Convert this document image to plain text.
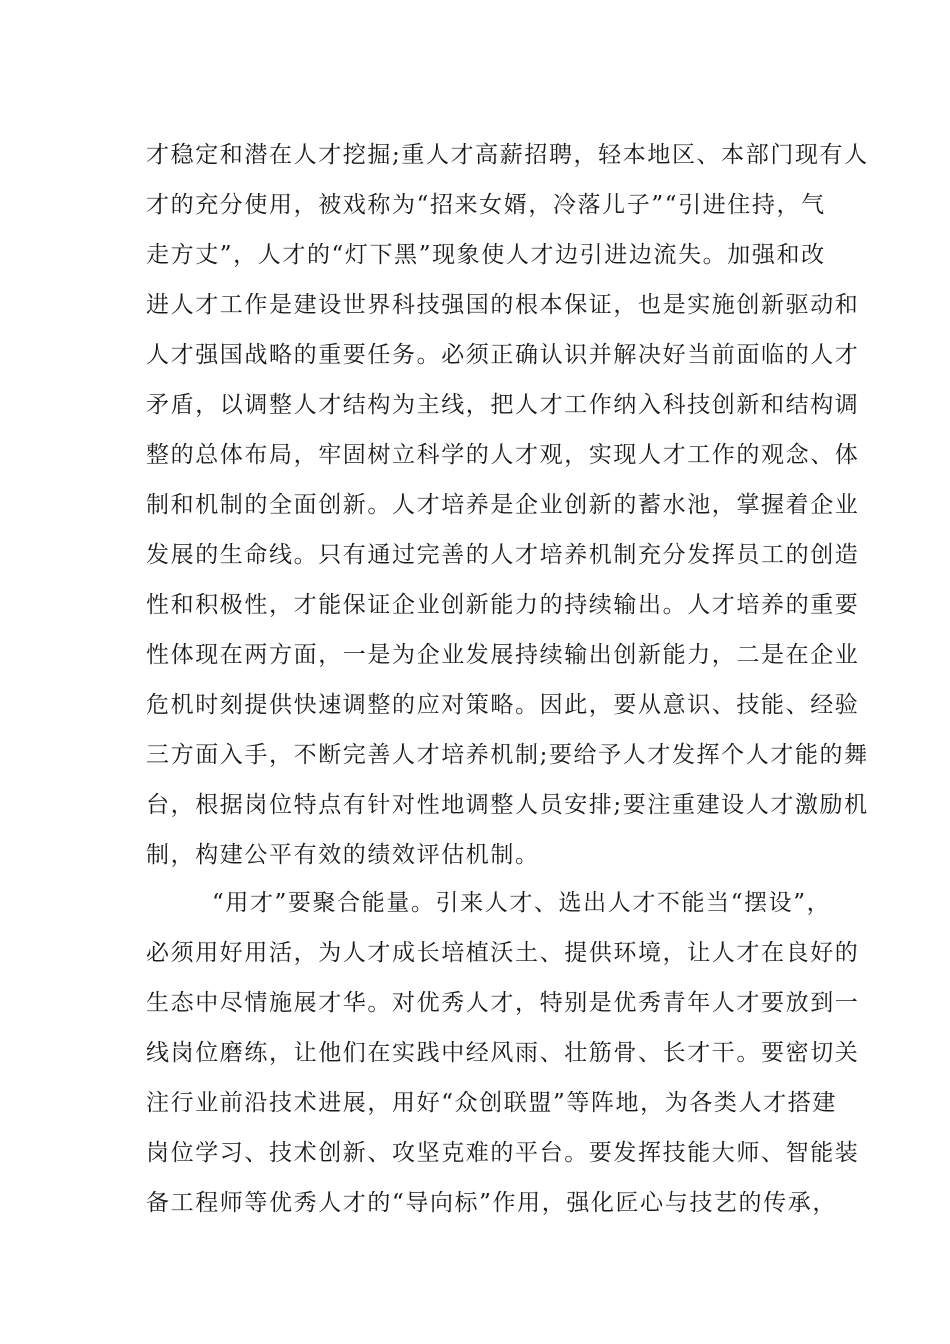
才稳定和潜在人才挖掘;重人才高薪招聘，轻本地区、本部门现有人
才的充分使用，被戏称为“招来女婿，冷落儿子”“引进住持，气
走方丈”，人才的“灯下黑”现象使人才边引进边流失。加强和改
进人才工作是建设世界科技强国的根本保证，也是实施创新驱动和
人才强国战略的重要任务。必须正确认识并解决好当前面临的人才
矛盾，以调整人才结构为主线，把人才工作纳入科技创新和结构调
整的总体布局，牢固树立科学的人才观，实现人才工作的观念、体
制和机制的全面创新。人才培养是企业创新的蓄水池，掌握着企业
发展的生命线。只有通过完善的人才培养机制充分发挥员工的创造
性和积极性，才能保证企业创新能力的持续输出。人才培养的重要
性体现在两方面，一是为企业发展持续输出创新能力，二是在企业
危机时刻提供快速调整的应对策略。因此，要从意识、技能、经验
三方面入手，不断完善人才培养机制;要给予人才发挥个人才能的舞
台，根据岗位特点有针对性地调整人员安排;要注重建设人才激励机
制，构建公平有效的绩效评估机制。
“用才”要聚合能量。引来人才、选出人才不能当“摆设”，
必须用好用活，为人才成长培植沃土、提供环境，让人才在良好的
生态中尽情施展才华。对优秀人才，特别是优秀青年人才要放到一
线岗位磨练，让他们在实践中经风雨、壮筋骨、长才干。要密切关
注行业前沿技术进展，用好“众创联盟”等阵地，为各类人才搭建
岗位学习、技术创新、攻坚克难的平台。要发挥技能大师、智能装
备工程师等优秀人才的“导向标”作用，强化匠心与技艺的传承，
